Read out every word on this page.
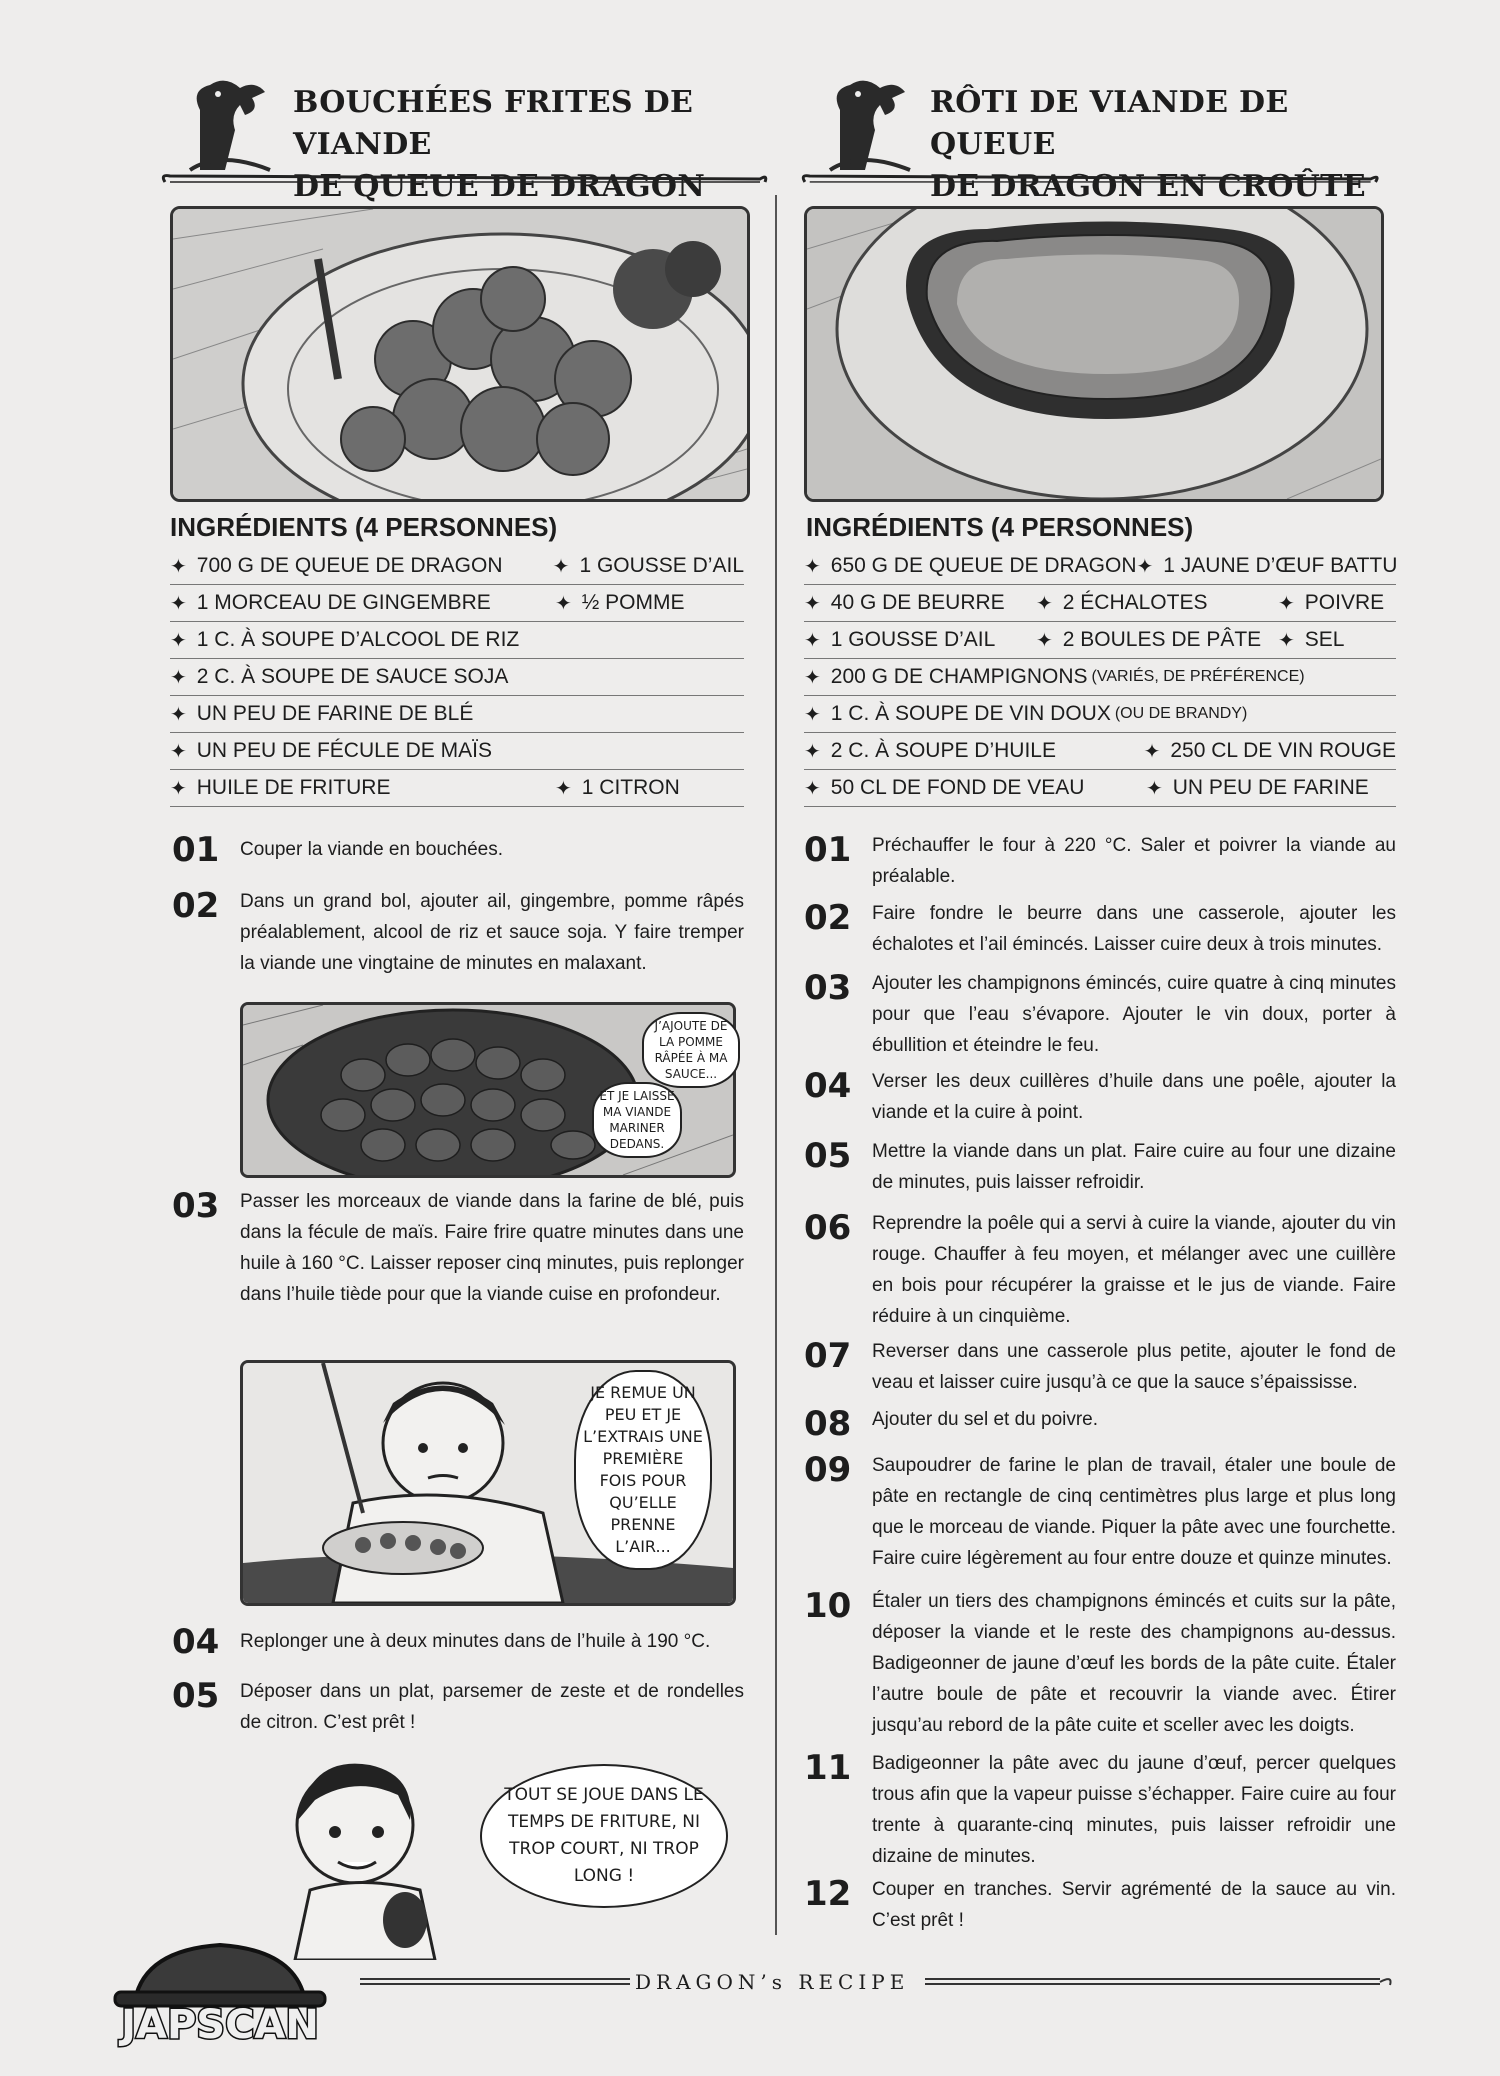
BOUCHÉES FRITES DE VIANDE
DE QUEUE DE DRAGON
INGRÉDIENTS (4 PERSONNES)
✦ 700 G DE QUEUE DE DRAGON	✦ 1 GOUSSE D’AIL
✦ 1 MORCEAU DE GINGEMBRE	✦ ½ POMME
✦ 1 C. À SOUPE D’ALCOOL DE RIZ
✦ 2 C. À SOUPE DE SAUCE SOJA
✦ UN PEU DE FARINE DE BLÉ
✦ UN PEU DE FÉCULE DE MAÏS
✦ HUILE DE FRITURE	✦ 1 CITRON
01	Couper la viande en bouchées.
02	Dans un grand bol, ajouter ail, gingembre, pomme râpés préalablement, alcool de riz et sauce soja. Y faire tremper la viande une vingtaine de minutes en malaxant.
J’AJOUTE DE LA POMME RÂPÉE À MA SAUCE...
ET JE LAISSE MA VIANDE MARINER DEDANS.
03	Passer les morceaux de viande dans la farine de blé, puis dans la fécule de maïs. Faire frire quatre minutes dans une huile à 160 °C. Laisser reposer cinq minutes, puis replonger dans l’huile tiède pour que la viande cuise en profondeur.
JE REMUE UN PEU ET JE L’EXTRAIS UNE PREMIÈRE FOIS POUR QU’ELLE PRENNE L’AIR...
04	Replonger une à deux minutes dans de l’huile à 190 °C.
05	Déposer dans un plat, parsemer de zeste et de rondelles de citron. C’est prêt !
TOUT SE JOUE DANS LE TEMPS DE FRITURE, NI TROP COURT, NI TROP LONG !
RÔTI DE VIANDE DE QUEUE
DE DRAGON EN CROÛTE
INGRÉDIENTS (4 PERSONNES)
✦ 650 G DE QUEUE DE DRAGON ✦ 1 JAUNE D’ŒUF BATTU
✦ 40 G DE BEURRE ✦ 2 ÉCHALOTES	✦ POIVRE
✦ 1 GOUSSE D’AIL ✦ 2 BOULES DE PÂTE ✦ SEL
✦ 200 G DE CHAMPIGNONS (VARIÉS, DE PRÉFÉRENCE)
✦ 1 C. À SOUPE DE VIN DOUX (OU DE BRANDY)
✦ 2 C. À SOUPE D’HUILE	✦ 250 CL DE VIN ROUGE
✦ 50 CL DE FOND DE VEAU	✦ UN PEU DE FARINE
01	Préchauffer le four à 220 °C. Saler et poivrer la viande au préalable.
02	Faire fondre le beurre dans une casserole, ajouter les échalotes et l’ail émincés. Laisser cuire deux à trois minutes.
03	Ajouter les champignons émincés, cuire quatre à cinq minutes pour que l’eau s’évapore. Ajouter le vin doux, porter à ébullition et éteindre le feu.
04	Verser les deux cuillères d’huile dans une poêle, ajouter la viande et la cuire à point.
05	Mettre la viande dans un plat. Faire cuire au four une dizaine de minutes, puis laisser refroidir.
06	Reprendre la poêle qui a servi à cuire la viande, ajouter du vin rouge. Chauffer à feu moyen, et mélanger avec une cuillère en bois pour récupérer la graisse et le jus de viande. Faire réduire à un cinquième.
07	Reverser dans une casserole plus petite, ajouter le fond de veau et laisser cuire jusqu’à ce que la sauce s’épaississe.
08	Ajouter du sel et du poivre.
09	Saupoudrer de farine le plan de travail, étaler une boule de pâte en rectangle de cinq centimètres plus large et plus long que le morceau de viande. Piquer la pâte avec une fourchette. Faire cuire légèrement au four entre douze et quinze minutes.
10	Étaler un tiers des champignons émincés et cuits sur la pâte, déposer la viande et le reste des champignons au-dessus. Badigeonner de jaune d’œuf les bords de la pâte cuite. Étaler l’autre boule de pâte et recouvrir la viande avec. Étirer jusqu’au rebord de la pâte cuite et sceller avec les doigts.
11	Badigeonner la pâte avec du jaune d’œuf, percer quelques trous afin que la vapeur puisse s’échapper. Faire cuire au four trente à quarante-cinq minutes, puis laisser refroidir une dizaine de minutes.
12	Couper en tranches. Servir agrémenté de la sauce au vin. C’est prêt !
DRAGON’s RECIPE
JAPSCAN
